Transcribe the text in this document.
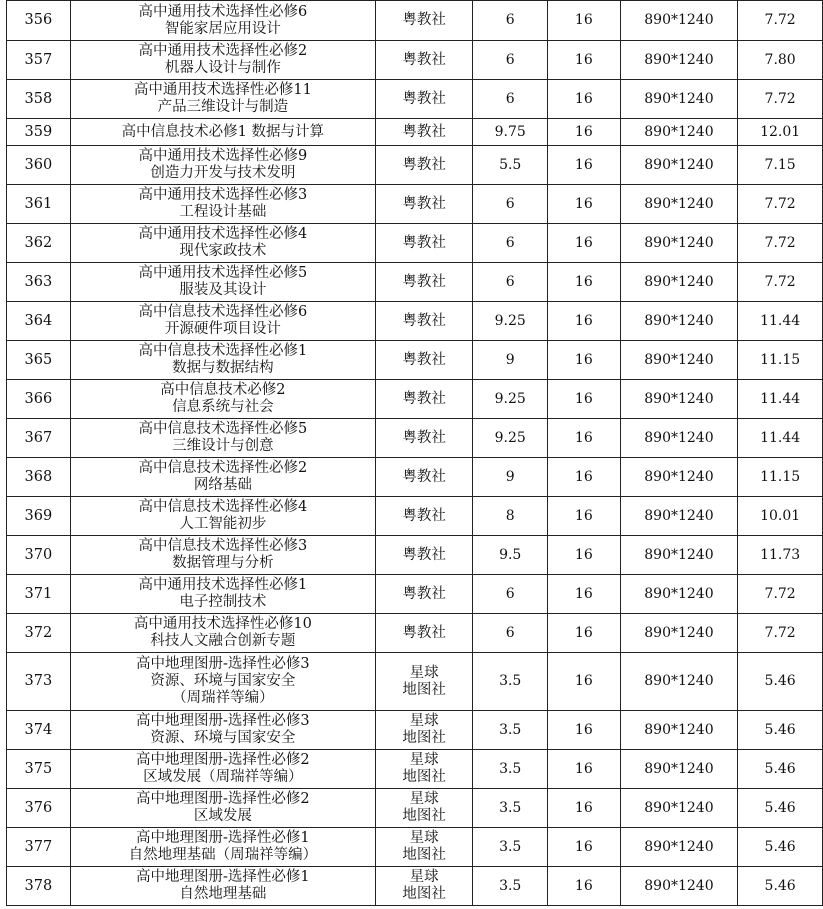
356	高中通用技术选择性必修6
智能家居应用设计	粤教社	6	16	890*1240	7.72
357	高中通用技术选择性必修2
机器人设计与制作	粤教社	6	16	890*1240	7.80
358	高中通用技术选择性必修11
产品三维设计与制造	粤教社	6	16	890*1240	7.72
359	高中信息技术必修1 数据与计算	粤教社	9.75	16	890*1240	12.01
360	高中通用技术选择性必修9
创造力开发与技术发明	粤教社	5.5	16	890*1240	7.15
361	高中通用技术选择性必修3
工程设计基础	粤教社	6	16	890*1240	7.72
362	高中通用技术选择性必修4
现代家政技术	粤教社	6	16	890*1240	7.72
363	高中通用技术选择性必修5
服装及其设计	粤教社	6	16	890*1240	7.72
364	高中信息技术选择性必修6
开源硬件项目设计	粤教社	9.25	16	890*1240	11.44
365	高中信息技术选择性必修1
数据与数据结构	粤教社	9	16	890*1240	11.15
366	高中信息技术必修2
信息系统与社会	粤教社	9.25	16	890*1240	11.44
367	高中信息技术选择性必修5
三维设计与创意	粤教社	9.25	16	890*1240	11.44
368	高中信息技术选择性必修2
网络基础	粤教社	9	16	890*1240	11.15
369	高中信息技术选择性必修4
人工智能初步	粤教社	8	16	890*1240	10.01
370	高中信息技术选择性必修3
数据管理与分析	粤教社	9.5	16	890*1240	11.73
371	高中通用技术选择性必修1
电子控制技术	粤教社	6	16	890*1240	7.72
372	高中通用技术选择性必修10
科技人文融合创新专题	粤教社	6	16	890*1240	7.72
373	高中地理图册-选择性必修3
资源、环境与国家安全
（周瑞祥等编）	星球
地图社	3.5	16	890*1240	5.46
374	高中地理图册-选择性必修3
资源、环境与国家安全	星球
地图社	3.5	16	890*1240	5.46
375	高中地理图册-选择性必修2
区域发展（周瑞祥等编）	星球
地图社	3.5	16	890*1240	5.46
376	高中地理图册-选择性必修2
区域发展	星球
地图社	3.5	16	890*1240	5.46
377	高中地理图册-选择性必修1
自然地理基础（周瑞祥等编）	星球
地图社	3.5	16	890*1240	5.46
378	高中地理图册-选择性必修1
自然地理基础	星球
地图社	3.5	16	890*1240	5.46
